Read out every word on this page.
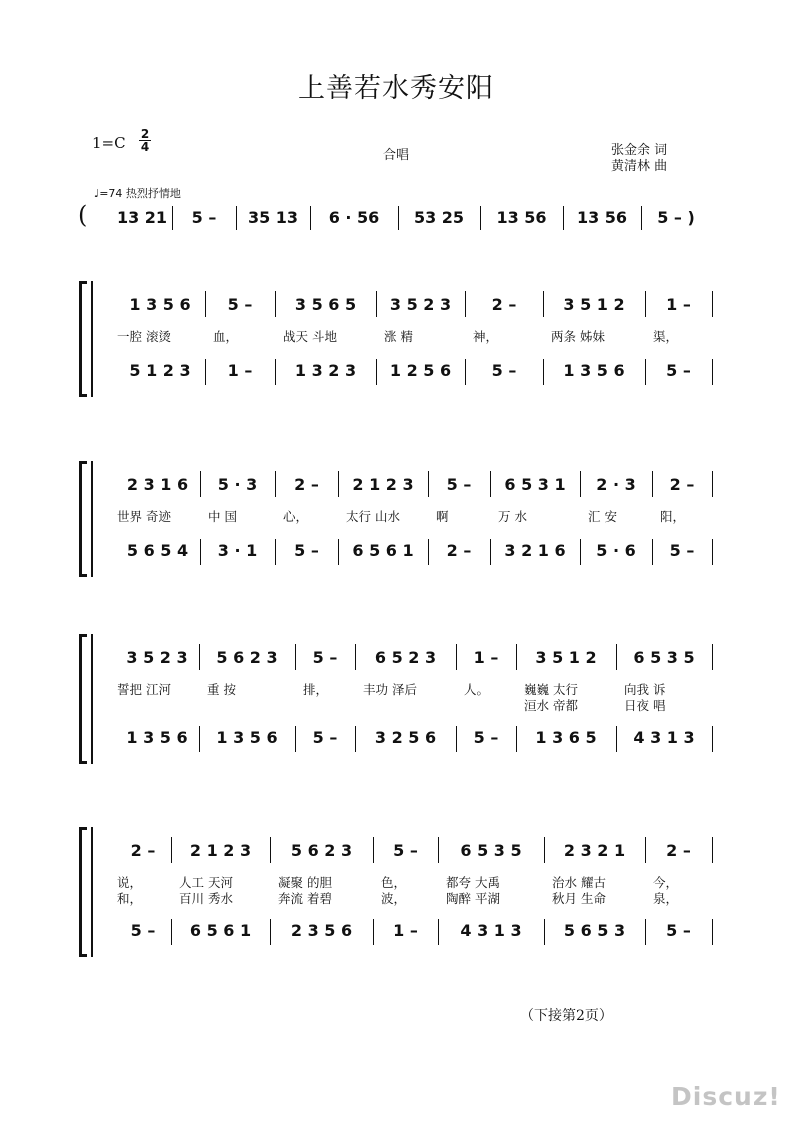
上善若水秀安阳
1=C 2
4
合唱	张金余 词
黄清林 曲
♩=74 热烈抒情地
( 13 21 5 – 35 13 6 · 56 53 25 13 56 13 56 5 – )
1 3 5 6
一腔 滚烫
5 1 2 3
5 –
血，
1 –
3 5 6 5
战天 斗地
1 3 2 3
3 5 2 3
涨 精
1 2 5 6
2 –
神，
5 –
3 5 1 2
两条 姊妹
1 3 5 6
1 –
渠，
5 –
2 3 1 6
世界 奇迹
5 6 5 4
5 · 3
中 国
3 · 1
2 –
心，
5 –
2 1 2 3
太行 山水
6 5 6 1
5 –
啊
2 –
6 5 3 1
万 水
3 2 1 6
2 · 3
汇 安
5 · 6
2 –
阳，
5 –
3 5 2 3
誓把 江河
1 3 5 6
5 6 2 3
重 按
1 3 5 6
5 –
排，
5 –
6 5 2 3
丰功 泽后
3 2 5 6
1 –
人。
5 –
3 5 1 2
巍巍 太行
洹水 帝都
1 3 6 5
6 5 3 5
向我 诉
日夜 唱
4 3 1 3
2 –
说，
和，
5 –
2 1 2 3
人工 天河
百川 秀水
6 5 6 1
5 6 2 3
凝聚 的胆
奔流 着碧
2 3 5 6
5 –
色，
波，
1 –
6 5 3 5
都夸 大禹
陶醉 平湖
4 3 1 3
2 3 2 1
治水 耀古
秋月 生命
5 6 5 3
2 –
今，
泉，
5 –
（下接第2页）
Discuz!
